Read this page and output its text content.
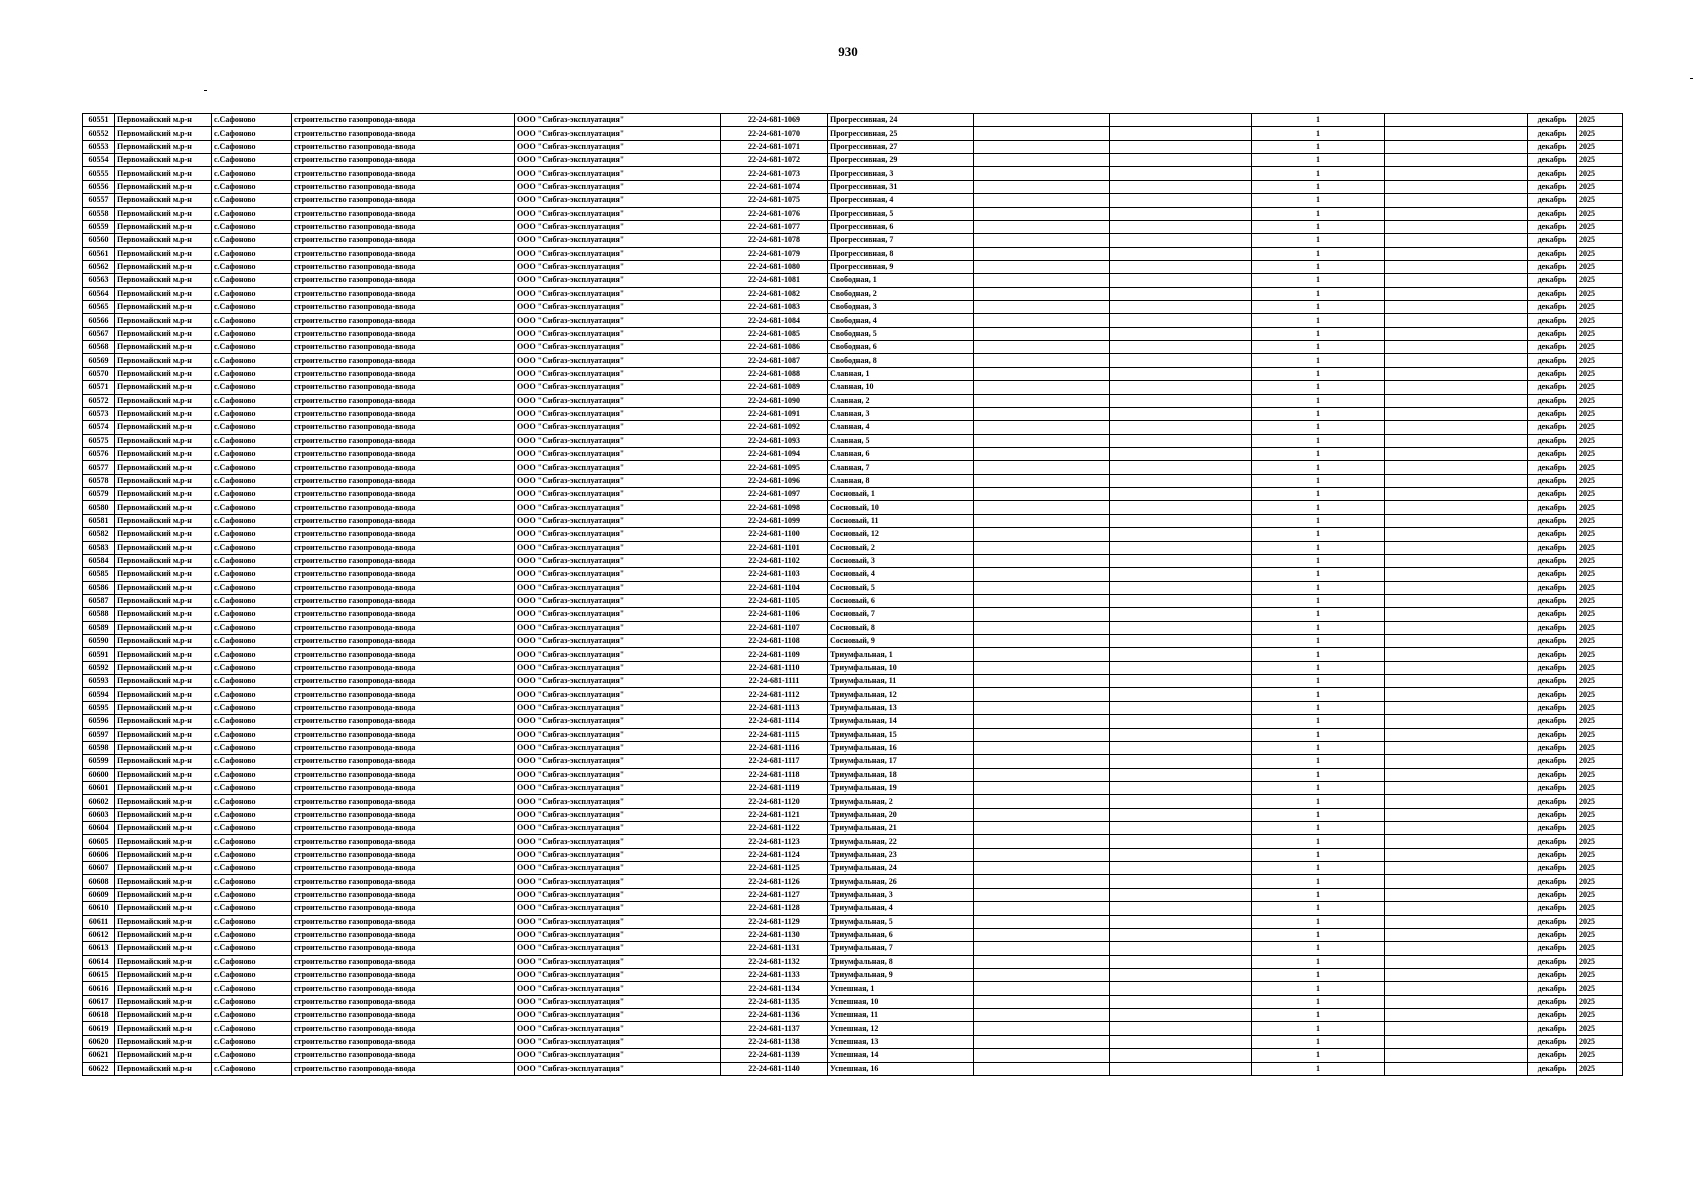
930
60551	Первомайский м.р-н	с.Сафоново	строительство газопровода-ввода	ООО "Сибгаз-эксплуатация"	22-24-681-1069	Прогрессивная, 24			1		декабрь	2025
60552	Первомайский м.р-н	с.Сафоново	строительство газопровода-ввода	ООО "Сибгаз-эксплуатация"	22-24-681-1070	Прогрессивная, 25			1		декабрь	2025
60553	Первомайский м.р-н	с.Сафоново	строительство газопровода-ввода	ООО "Сибгаз-эксплуатация"	22-24-681-1071	Прогрессивная, 27			1		декабрь	2025
60554	Первомайский м.р-н	с.Сафоново	строительство газопровода-ввода	ООО "Сибгаз-эксплуатация"	22-24-681-1072	Прогрессивная, 29			1		декабрь	2025
60555	Первомайский м.р-н	с.Сафоново	строительство газопровода-ввода	ООО "Сибгаз-эксплуатация"	22-24-681-1073	Прогрессивная, 3			1		декабрь	2025
60556	Первомайский м.р-н	с.Сафоново	строительство газопровода-ввода	ООО "Сибгаз-эксплуатация"	22-24-681-1074	Прогрессивная, 31			1		декабрь	2025
60557	Первомайский м.р-н	с.Сафоново	строительство газопровода-ввода	ООО "Сибгаз-эксплуатация"	22-24-681-1075	Прогрессивная, 4			1		декабрь	2025
60558	Первомайский м.р-н	с.Сафоново	строительство газопровода-ввода	ООО "Сибгаз-эксплуатация"	22-24-681-1076	Прогрессивная, 5			1		декабрь	2025
60559	Первомайский м.р-н	с.Сафоново	строительство газопровода-ввода	ООО "Сибгаз-эксплуатация"	22-24-681-1077	Прогрессивная, 6			1		декабрь	2025
60560	Первомайский м.р-н	с.Сафоново	строительство газопровода-ввода	ООО "Сибгаз-эксплуатация"	22-24-681-1078	Прогрессивная, 7			1		декабрь	2025
60561	Первомайский м.р-н	с.Сафоново	строительство газопровода-ввода	ООО "Сибгаз-эксплуатация"	22-24-681-1079	Прогрессивная, 8			1		декабрь	2025
60562	Первомайский м.р-н	с.Сафоново	строительство газопровода-ввода	ООО "Сибгаз-эксплуатация"	22-24-681-1080	Прогрессивная, 9			1		декабрь	2025
60563	Первомайский м.р-н	с.Сафоново	строительство газопровода-ввода	ООО "Сибгаз-эксплуатация"	22-24-681-1081	Свободная, 1			1		декабрь	2025
60564	Первомайский м.р-н	с.Сафоново	строительство газопровода-ввода	ООО "Сибгаз-эксплуатация"	22-24-681-1082	Свободная, 2			1		декабрь	2025
60565	Первомайский м.р-н	с.Сафоново	строительство газопровода-ввода	ООО "Сибгаз-эксплуатация"	22-24-681-1083	Свободная, 3			1		декабрь	2025
60566	Первомайский м.р-н	с.Сафоново	строительство газопровода-ввода	ООО "Сибгаз-эксплуатация"	22-24-681-1084	Свободная, 4			1		декабрь	2025
60567	Первомайский м.р-н	с.Сафоново	строительство газопровода-ввода	ООО "Сибгаз-эксплуатация"	22-24-681-1085	Свободная, 5			1		декабрь	2025
60568	Первомайский м.р-н	с.Сафоново	строительство газопровода-ввода	ООО "Сибгаз-эксплуатация"	22-24-681-1086	Свободная, 6			1		декабрь	2025
60569	Первомайский м.р-н	с.Сафоново	строительство газопровода-ввода	ООО "Сибгаз-эксплуатация"	22-24-681-1087	Свободная, 8			1		декабрь	2025
60570	Первомайский м.р-н	с.Сафоново	строительство газопровода-ввода	ООО "Сибгаз-эксплуатация"	22-24-681-1088	Славная, 1			1		декабрь	2025
60571	Первомайский м.р-н	с.Сафоново	строительство газопровода-ввода	ООО "Сибгаз-эксплуатация"	22-24-681-1089	Славная, 10			1		декабрь	2025
60572	Первомайский м.р-н	с.Сафоново	строительство газопровода-ввода	ООО "Сибгаз-эксплуатация"	22-24-681-1090	Славная, 2			1		декабрь	2025
60573	Первомайский м.р-н	с.Сафоново	строительство газопровода-ввода	ООО "Сибгаз-эксплуатация"	22-24-681-1091	Славная, 3			1		декабрь	2025
60574	Первомайский м.р-н	с.Сафоново	строительство газопровода-ввода	ООО "Сибгаз-эксплуатация"	22-24-681-1092	Славная, 4			1		декабрь	2025
60575	Первомайский м.р-н	с.Сафоново	строительство газопровода-ввода	ООО "Сибгаз-эксплуатация"	22-24-681-1093	Славная, 5			1		декабрь	2025
60576	Первомайский м.р-н	с.Сафоново	строительство газопровода-ввода	ООО "Сибгаз-эксплуатация"	22-24-681-1094	Славная, 6			1		декабрь	2025
60577	Первомайский м.р-н	с.Сафоново	строительство газопровода-ввода	ООО "Сибгаз-эксплуатация"	22-24-681-1095	Славная, 7			1		декабрь	2025
60578	Первомайский м.р-н	с.Сафоново	строительство газопровода-ввода	ООО "Сибгаз-эксплуатация"	22-24-681-1096	Славная, 8			1		декабрь	2025
60579	Первомайский м.р-н	с.Сафоново	строительство газопровода-ввода	ООО "Сибгаз-эксплуатация"	22-24-681-1097	Сосновый, 1			1		декабрь	2025
60580	Первомайский м.р-н	с.Сафоново	строительство газопровода-ввода	ООО "Сибгаз-эксплуатация"	22-24-681-1098	Сосновый, 10			1		декабрь	2025
60581	Первомайский м.р-н	с.Сафоново	строительство газопровода-ввода	ООО "Сибгаз-эксплуатация"	22-24-681-1099	Сосновый, 11			1		декабрь	2025
60582	Первомайский м.р-н	с.Сафоново	строительство газопровода-ввода	ООО "Сибгаз-эксплуатация"	22-24-681-1100	Сосновый, 12			1		декабрь	2025
60583	Первомайский м.р-н	с.Сафоново	строительство газопровода-ввода	ООО "Сибгаз-эксплуатация"	22-24-681-1101	Сосновый, 2			1		декабрь	2025
60584	Первомайский м.р-н	с.Сафоново	строительство газопровода-ввода	ООО "Сибгаз-эксплуатация"	22-24-681-1102	Сосновый, 3			1		декабрь	2025
60585	Первомайский м.р-н	с.Сафоново	строительство газопровода-ввода	ООО "Сибгаз-эксплуатация"	22-24-681-1103	Сосновый, 4			1		декабрь	2025
60586	Первомайский м.р-н	с.Сафоново	строительство газопровода-ввода	ООО "Сибгаз-эксплуатация"	22-24-681-1104	Сосновый, 5			1		декабрь	2025
60587	Первомайский м.р-н	с.Сафоново	строительство газопровода-ввода	ООО "Сибгаз-эксплуатация"	22-24-681-1105	Сосновый, 6			1		декабрь	2025
60588	Первомайский м.р-н	с.Сафоново	строительство газопровода-ввода	ООО "Сибгаз-эксплуатация"	22-24-681-1106	Сосновый, 7			1		декабрь	2025
60589	Первомайский м.р-н	с.Сафоново	строительство газопровода-ввода	ООО "Сибгаз-эксплуатация"	22-24-681-1107	Сосновый, 8			1		декабрь	2025
60590	Первомайский м.р-н	с.Сафоново	строительство газопровода-ввода	ООО "Сибгаз-эксплуатация"	22-24-681-1108	Сосновый, 9			1		декабрь	2025
60591	Первомайский м.р-н	с.Сафоново	строительство газопровода-ввода	ООО "Сибгаз-эксплуатация"	22-24-681-1109	Триумфальная, 1			1		декабрь	2025
60592	Первомайский м.р-н	с.Сафоново	строительство газопровода-ввода	ООО "Сибгаз-эксплуатация"	22-24-681-1110	Триумфальная, 10			1		декабрь	2025
60593	Первомайский м.р-н	с.Сафоново	строительство газопровода-ввода	ООО "Сибгаз-эксплуатация"	22-24-681-1111	Триумфальная, 11			1		декабрь	2025
60594	Первомайский м.р-н	с.Сафоново	строительство газопровода-ввода	ООО "Сибгаз-эксплуатация"	22-24-681-1112	Триумфальная, 12			1		декабрь	2025
60595	Первомайский м.р-н	с.Сафоново	строительство газопровода-ввода	ООО "Сибгаз-эксплуатация"	22-24-681-1113	Триумфальная, 13			1		декабрь	2025
60596	Первомайский м.р-н	с.Сафоново	строительство газопровода-ввода	ООО "Сибгаз-эксплуатация"	22-24-681-1114	Триумфальная, 14			1		декабрь	2025
60597	Первомайский м.р-н	с.Сафоново	строительство газопровода-ввода	ООО "Сибгаз-эксплуатация"	22-24-681-1115	Триумфальная, 15			1		декабрь	2025
60598	Первомайский м.р-н	с.Сафоново	строительство газопровода-ввода	ООО "Сибгаз-эксплуатация"	22-24-681-1116	Триумфальная, 16			1		декабрь	2025
60599	Первомайский м.р-н	с.Сафоново	строительство газопровода-ввода	ООО "Сибгаз-эксплуатация"	22-24-681-1117	Триумфальная, 17			1		декабрь	2025
60600	Первомайский м.р-н	с.Сафоново	строительство газопровода-ввода	ООО "Сибгаз-эксплуатация"	22-24-681-1118	Триумфальная, 18			1		декабрь	2025
60601	Первомайский м.р-н	с.Сафоново	строительство газопровода-ввода	ООО "Сибгаз-эксплуатация"	22-24-681-1119	Триумфальная, 19			1		декабрь	2025
60602	Первомайский м.р-н	с.Сафоново	строительство газопровода-ввода	ООО "Сибгаз-эксплуатация"	22-24-681-1120	Триумфальная, 2			1		декабрь	2025
60603	Первомайский м.р-н	с.Сафоново	строительство газопровода-ввода	ООО "Сибгаз-эксплуатация"	22-24-681-1121	Триумфальная, 20			1		декабрь	2025
60604	Первомайский м.р-н	с.Сафоново	строительство газопровода-ввода	ООО "Сибгаз-эксплуатация"	22-24-681-1122	Триумфальная, 21			1		декабрь	2025
60605	Первомайский м.р-н	с.Сафоново	строительство газопровода-ввода	ООО "Сибгаз-эксплуатация"	22-24-681-1123	Триумфальная, 22			1		декабрь	2025
60606	Первомайский м.р-н	с.Сафоново	строительство газопровода-ввода	ООО "Сибгаз-эксплуатация"	22-24-681-1124	Триумфальная, 23			1		декабрь	2025
60607	Первомайский м.р-н	с.Сафоново	строительство газопровода-ввода	ООО "Сибгаз-эксплуатация"	22-24-681-1125	Триумфальная, 24			1		декабрь	2025
60608	Первомайский м.р-н	с.Сафоново	строительство газопровода-ввода	ООО "Сибгаз-эксплуатация"	22-24-681-1126	Триумфальная, 26			1		декабрь	2025
60609	Первомайский м.р-н	с.Сафоново	строительство газопровода-ввода	ООО "Сибгаз-эксплуатация"	22-24-681-1127	Триумфальная, 3			1		декабрь	2025
60610	Первомайский м.р-н	с.Сафоново	строительство газопровода-ввода	ООО "Сибгаз-эксплуатация"	22-24-681-1128	Триумфальная, 4			1		декабрь	2025
60611	Первомайский м.р-н	с.Сафоново	строительство газопровода-ввода	ООО "Сибгаз-эксплуатация"	22-24-681-1129	Триумфальная, 5			1		декабрь	2025
60612	Первомайский м.р-н	с.Сафоново	строительство газопровода-ввода	ООО "Сибгаз-эксплуатация"	22-24-681-1130	Триумфальная, 6			1		декабрь	2025
60613	Первомайский м.р-н	с.Сафоново	строительство газопровода-ввода	ООО "Сибгаз-эксплуатация"	22-24-681-1131	Триумфальная, 7			1		декабрь	2025
60614	Первомайский м.р-н	с.Сафоново	строительство газопровода-ввода	ООО "Сибгаз-эксплуатация"	22-24-681-1132	Триумфальная, 8			1		декабрь	2025
60615	Первомайский м.р-н	с.Сафоново	строительство газопровода-ввода	ООО "Сибгаз-эксплуатация"	22-24-681-1133	Триумфальная, 9			1		декабрь	2025
60616	Первомайский м.р-н	с.Сафоново	строительство газопровода-ввода	ООО "Сибгаз-эксплуатация"	22-24-681-1134	Успешная, 1			1		декабрь	2025
60617	Первомайский м.р-н	с.Сафоново	строительство газопровода-ввода	ООО "Сибгаз-эксплуатация"	22-24-681-1135	Успешная, 10			1		декабрь	2025
60618	Первомайский м.р-н	с.Сафоново	строительство газопровода-ввода	ООО "Сибгаз-эксплуатация"	22-24-681-1136	Успешная, 11			1		декабрь	2025
60619	Первомайский м.р-н	с.Сафоново	строительство газопровода-ввода	ООО "Сибгаз-эксплуатация"	22-24-681-1137	Успешная, 12			1		декабрь	2025
60620	Первомайский м.р-н	с.Сафоново	строительство газопровода-ввода	ООО "Сибгаз-эксплуатация"	22-24-681-1138	Успешная, 13			1		декабрь	2025
60621	Первомайский м.р-н	с.Сафоново	строительство газопровода-ввода	ООО "Сибгаз-эксплуатация"	22-24-681-1139	Успешная, 14			1		декабрь	2025
60622	Первомайский м.р-н	с.Сафоново	строительство газопровода-ввода	ООО "Сибгаз-эксплуатация"	22-24-681-1140	Успешная, 16			1		декабрь	2025
